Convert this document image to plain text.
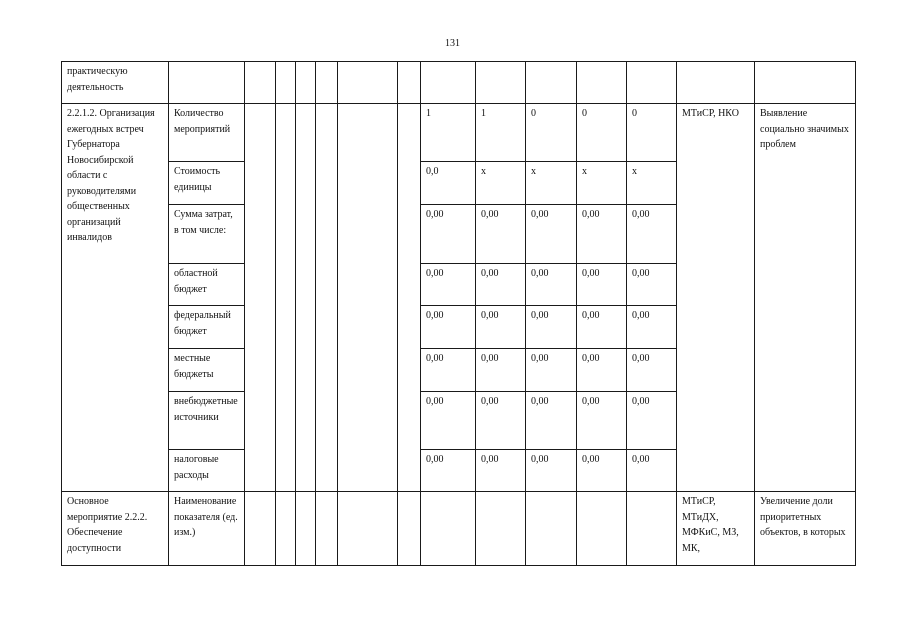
131
практическую деятельность														
2.2.1.2. Организация ежегодных встреч Губернатора Новосибирской области с руководителями общественных организаций инвалидов	Количество мероприятий							1	1	0	0	0	МТиСР, НКО	Выявление социально значимых проблем
	Стоимость единицы							0,0	x	x	x	x		
	Сумма затрат, в том числе:							0,00	0,00	0,00	0,00	0,00		
	областной бюджет							0,00	0,00	0,00	0,00	0,00		
	федеральный бюджет							0,00	0,00	0,00	0,00	0,00		
	местные бюджеты							0,00	0,00	0,00	0,00	0,00		
	внебюджетные источники							0,00	0,00	0,00	0,00	0,00		
	налоговые расходы							0,00	0,00	0,00	0,00	0,00		
Основное мероприятие 2.2.2. Обеспечение доступности	Наименование показателя (ед. изм.)												МТиСР, МТиДХ, МФКиС, МЗ, МК,	Увеличение доли приоритетных объектов, в которых
